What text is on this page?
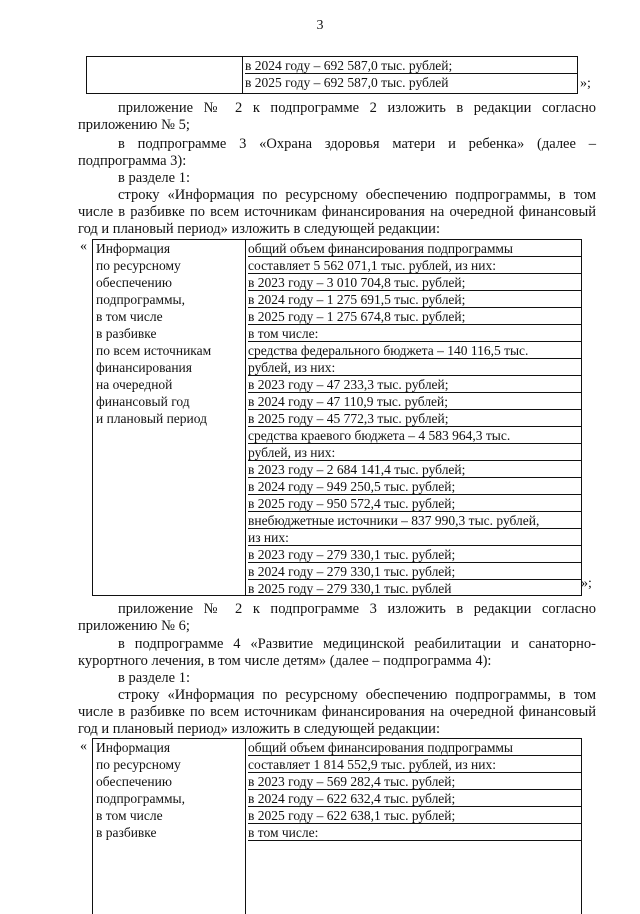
3
в 2024 году – 692 587,0 тыс. рублей;
в 2025 году – 692 587,0 тыс. рублей	»;
приложение № 2 к подпрограмме 2 изложить в редакции согласно приложению № 5;
в подпрограмме 3 «Охрана здоровья матери и ребенка» (далее – подпрограмма 3):
в разделе 1:
строку «Информация по ресурсному обеспечению подпрограммы, в том числе в разбивке по всем источникам финансирования на очередной финансовый год и плановый период» изложить в следующей редакции:
« Информация
по ресурсному
обеспечению
подпрограммы,
в том числе
в разбивке
по всем источникам
финансирования
на очередной
финансовый год
и плановый период
общий объем финансирования подпрограммы
составляет 5 562 071,1 тыс. рублей, из них:
в 2023 году – 3 010 704,8 тыс. рублей;
в 2024 году – 1 275 691,5 тыс. рублей;
в 2025 году – 1 275 674,8 тыс. рублей;
в том числе:
средства федерального бюджета – 140 116,5 тыс.
рублей, из них:
в 2023 году – 47 233,3 тыс. рублей;
в 2024 году – 47 110,9 тыс. рублей;
в 2025 году – 45 772,3 тыс. рублей;
средства краевого бюджета – 4 583 964,3 тыс.
рублей, из них:
в 2023 году – 2 684 141,4 тыс. рублей;
в 2024 году – 949 250,5 тыс. рублей;
в 2025 году – 950 572,4 тыс. рублей;
внебюджетные источники – 837 990,3 тыс. рублей,
из них:
в 2023 году – 279 330,1 тыс. рублей;
в 2024 году – 279 330,1 тыс. рублей;
в 2025 году – 279 330,1 тыс. рублей	»;
приложение № 2 к подпрограмме 3 изложить в редакции согласно приложению № 6;
в подпрограмме 4 «Развитие медицинской реабилитации и санаторно-курортного лечения, в том числе детям» (далее – подпрограмма 4):
в разделе 1:
строку «Информация по ресурсному обеспечению подпрограммы, в том числе в разбивке по всем источникам финансирования на очередной финансовый год и плановый период» изложить в следующей редакции:
« Информация
по ресурсному
обеспечению
подпрограммы,
в том числе
в разбивке
общий объем финансирования подпрограммы
составляет 1 814 552,9 тыс. рублей, из них:
в 2023 году – 569 282,4 тыс. рублей;
в 2024 году – 622 632,4 тыс. рублей;
в 2025 году – 622 638,1 тыс. рублей;
в том числе:
